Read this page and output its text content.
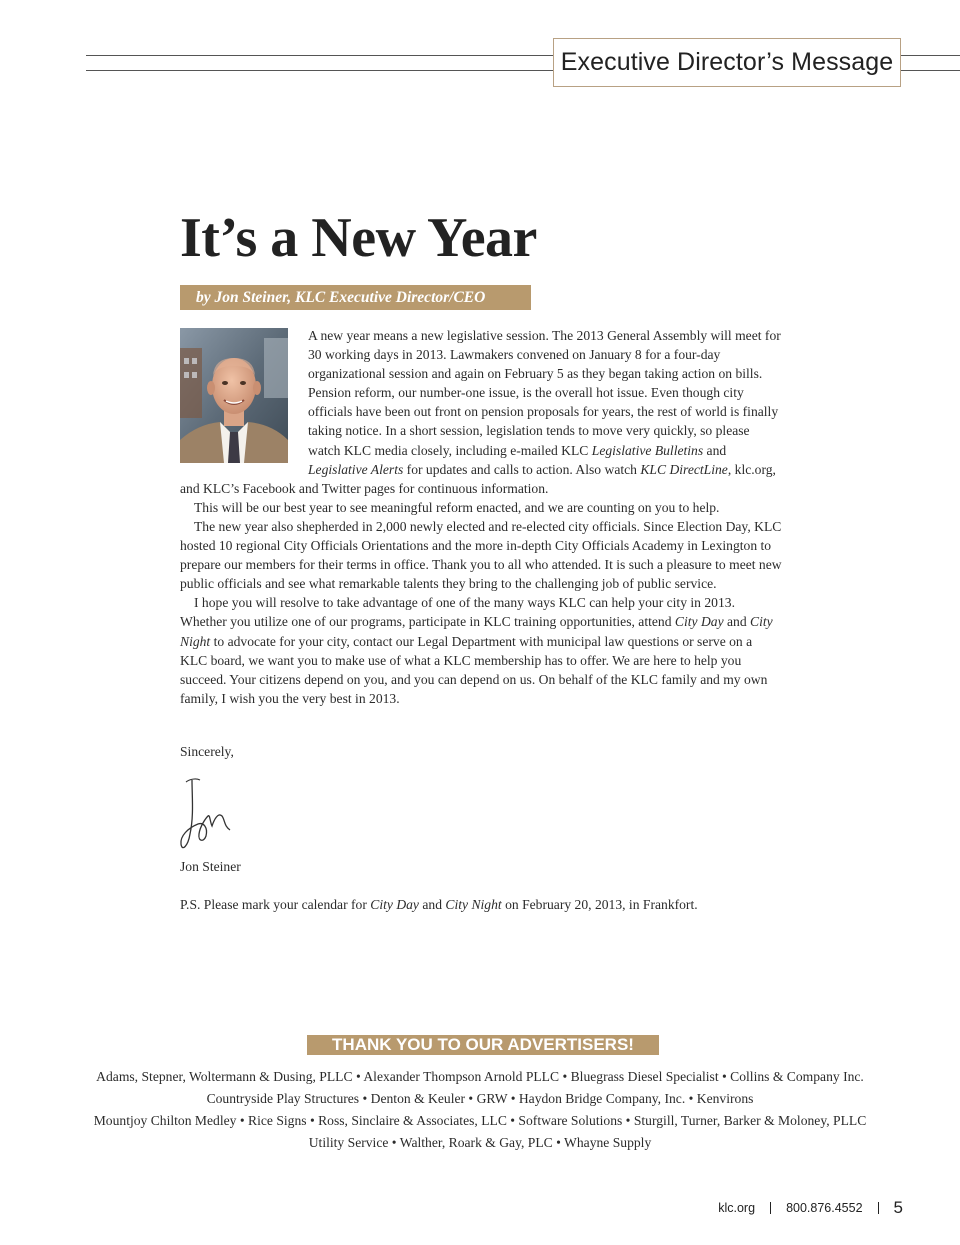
Executive Director’s Message
It’s a New Year
by Jon Steiner, KLC Executive Director/CEO

A new year means a new legislative session. The 2013 General Assembly will meet for 30 working days in 2013. Lawmakers convened on January 8 for a four-day organizational session and again on February 5 as they began taking action on bills. Pension reform, our number-one issue, is the overall hot issue. Even though city officials have been out front on pension proposals for years, the rest of world is finally taking notice. In a short session, legislation tends to move very quickly, so please watch KLC media closely, including e-mailed KLC Legislative Bulletins and Legislative Alerts for updates and calls to action. Also watch KLC DirectLine, klc.org, and KLC’s Facebook and Twitter pages for continuous information.

This will be our best year to see meaningful reform enacted, and we are counting on you to help.

The new year also shepherded in 2,000 newly elected and re-elected city officials. Since Election Day, KLC hosted 10 regional City Officials Orientations and the more in-depth City Officials Academy in Lexington to prepare our members for their terms in office. Thank you to all who attended. It is such a pleasure to meet new public officials and see what remarkable talents they bring to the challenging job of public service.

I hope you will resolve to take advantage of one of the many ways KLC can help your city in 2013. Whether you utilize one of our programs, participate in KLC training opportunities, attend City Day and City Night to advocate for your city, contact our Legal Department with municipal law questions or serve on a KLC board, we want you to make use of what a KLC membership has to offer. We are here to help you succeed. Your citizens depend on you, and you can depend on us. On behalf of the KLC family and my own family, I wish you the very best in 2013.

Sincerely,
Jon Steiner
P.S. Please mark your calendar for City Day and City Night on February 20, 2013, in Frankfort.
THANK YOU TO OUR ADVERTISERS!
Adams, Stepner, Woltermann & Dusing, PLLC • Alexander Thompson Arnold PLLC • Bluegrass Diesel Specialist • Collins & Company Inc.
Countryside Play Structures • Denton & Keuler • GRW • Haydon Bridge Company, Inc. • Kenvirons
Mountjoy Chilton Medley • Rice Signs • Ross, Sinclaire & Associates, LLC • Software Solutions • Sturgill, Turner, Barker & Moloney, PLLC
Utility Service • Walther, Roark & Gay, PLC • Whayne Supply
klc.org 800.876.4552 5
